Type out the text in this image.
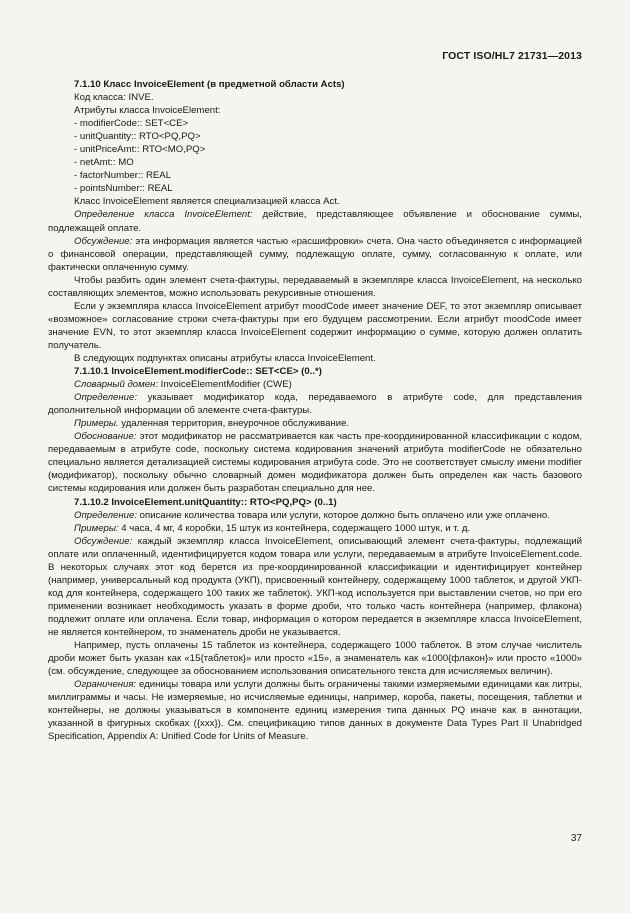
ГОСТ ISO/HL7 21731—2013

7.1.10 Класс InvoiceElement (в предметной области Acts)

Код класса: INVE.

Атрибуты класса InvoiceElement:

- modifierCode:: SET<CE>

- unitQuantity:: RTO<PQ,PQ>

- unitPriceAmt:: RTO<MO,PQ>

- netAmt:: MO

- factorNumber:: REAL

- pointsNumber:: REAL

Класс InvoiceElement является специализацией класса Act.

Определение класса InvoiceElement: действие, представляющее объявление и обоснование суммы, подлежащей оплате.

Обсуждение: эта информация является частью «расшифровки» счета. Она часто объединяется с информацией о финансовой операции, представляющей сумму, подлежащую оплате, сумму, согласованную к оплате, или фактически оплаченную сумму.

Чтобы разбить один элемент счета-фактуры, передаваемый в экземпляре класса InvoiceElement, на несколько составляющих элементов, можно использовать рекурсивные отношения.

Если у экземпляра класса InvoiceElement атрибут moodCode имеет значение DEF, то этот экземпляр описывает «возможное» согласование строки счета-фактуры при его будущем рассмотрении. Если атрибут moodCode имеет значение EVN, то этот экземпляр класса InvoiceElement содержит информацию о сумме, которую должен оплатить получатель.

В следующих подпунктах описаны атрибуты класса InvoiceElement.

7.1.10.1 InvoiceElement.modifierCode:: SET<CE> (0..*)

Словарный домен: InvoiceElementModifier (CWE)

Определение: указывает модификатор кода, передаваемого в атрибуте code, для представления дополнительной информации об элементе счета-фактуры.

Примеры. удаленная территория, внеурочное обслуживание.

Обоснование: этот модификатор не рассматривается как часть пре-координированной классификации с кодом, передаваемым в атрибуте code, поскольку система кодирования значений атрибута modifierCode не обязательно специально является детализацией системы кодирования атрибута code. Это не соответствует смыслу имени modifier (модификатор), поскольку обычно словарный домен модификатора должен быть определен как часть базового системы кодирования или должен быть разработан специально для нее.

7.1.10.2 InvoiceElement.unitQuantity:: RTO<PQ,PQ> (0..1)

Определение: описание количества товара или услуги, которое должно быть оплачено или уже оплачено.

Примеры: 4 часа, 4 мг, 4 коробки, 15 штук из контейнера, содержащего 1000 штук, и т. д.

Обсуждение: каждый экземпляр класса InvoiceElement, описывающий элемент счета-фактуры, подлежащий оплате или оплаченный, идентифицируется кодом товара или услуги, передаваемым в атрибуте InvoiceElement.code. В некоторых случаях этот код берется из пре-координированной классификации и идентифицирует контейнер (например, универсальный код продукта (УКП), присвоенный контейнеру, содержащему 1000 таблеток, и другой УКП-код для контейнера, содержащего 100 таких же таблеток). УКП-код используется при выставлении счетов, но при его применении возникает необходимость указать в форме дроби, что только часть контейнера (например, флакона) подлежит оплате или оплачена. Если товар, информация о котором передается в экземпляре класса InvoiceElement, не является контейнером, то знаменатель дроби не указывается.

Например, пусть оплачены 15 таблеток из контейнера, содержащего 1000 таблеток. В этом случае числитель дроби может быть указан как «15{таблеток}» или просто «15», а знаменатель как «1000{флакон}» или просто «1000» (см. обсуждение, следующее за обоснованием использования описательного текста для исчисляемых величин).

Ограничения: единицы товара или услуги должны быть ограничены такими измеряемыми единицами как литры, миллиграммы и часы. Не измеряемые, но исчисляемые единицы, например, короба, пакеты, посещения, таблетки и контейнеры, не должны указываться в компоненте единиц измерения типа данных PQ иначе как в аннотации, указанной в фигурных скобках ({xxx}). См. спецификацию типов данных в документе Data Types Part II Unabridged Specification, Appendix A: Unified Code for Units of Measure.

37
